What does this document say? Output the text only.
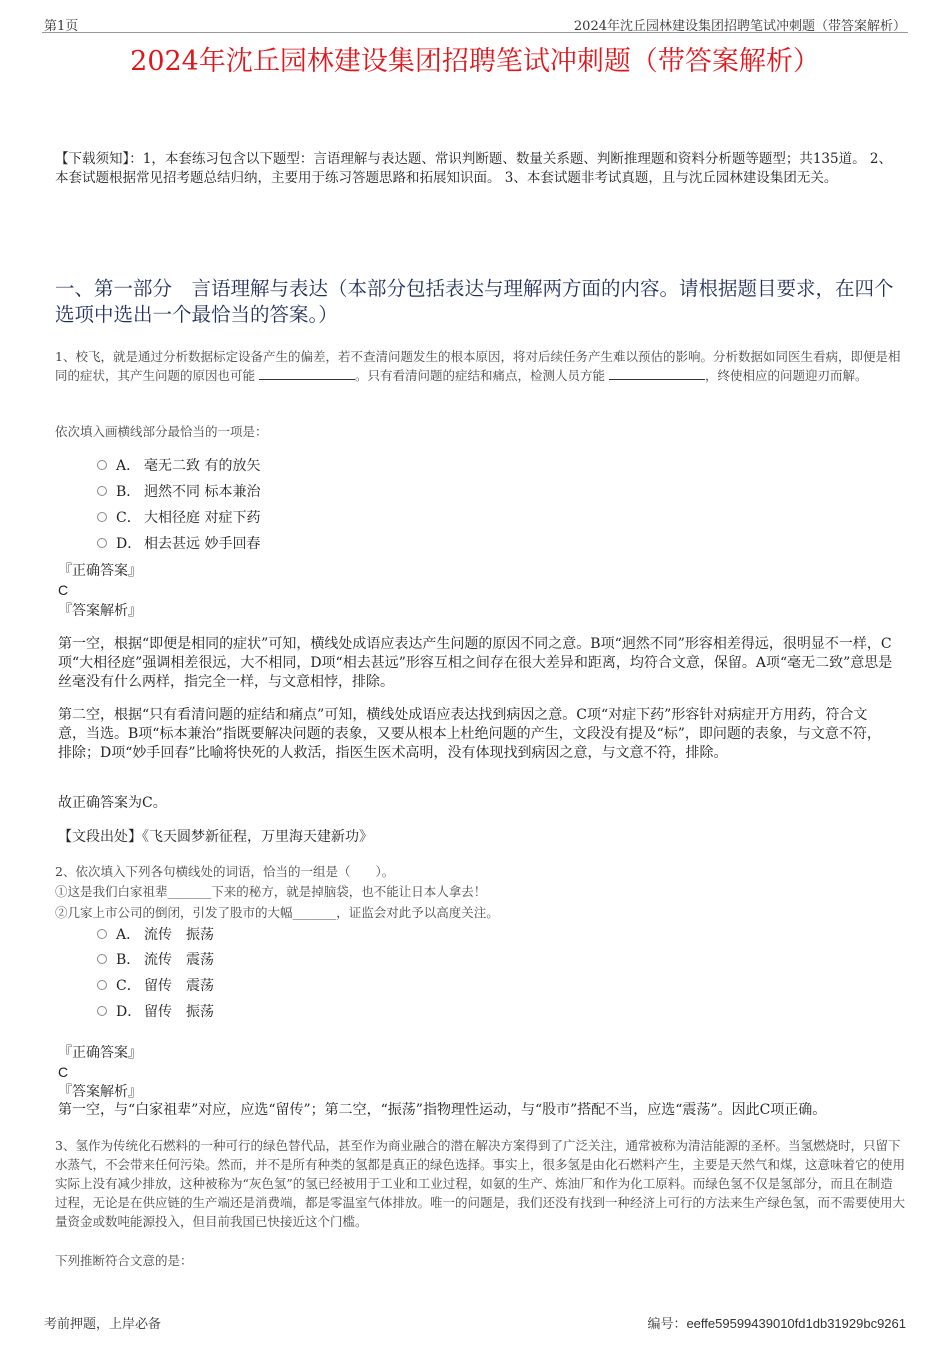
第1页	2024年沈丘园林建设集团招聘笔试冲刺题（带答案解析）
2024年沈丘园林建设集团招聘笔试冲刺题（带答案解析）
【下载须知】：1，本套练习包含以下题型：言语理解与表达题、常识判断题、数量关系题、判断推理题和资料分析题等题型；共135道。 2、本套试题根据常见招考题总结归纳，主要用于练习答题思路和拓展知识面。 3、本套试题非考试真题，且与沈丘园林建设集团无关。
一、第一部分　言语理解与表达（本部分包括表达与理解两方面的内容。请根据题目要求，在四个选项中选出一个最恰当的答案。）
1、校飞，就是通过分析数据标定设备产生的偏差，若不查清问题发生的根本原因，将对后续任务产生难以预估的影响。分析数据如同医生看病，即便是相同的症状，其产生问题的原因也可能	。只有看清问题的症结和痛点，检测人员方能	，终使相应的问题迎刃而解。
依次填入画横线部分最恰当的一项是：
A． 毫无二致 有的放矢
B． 迥然不同 标本兼治
C． 大相径庭 对症下药
D． 相去甚远 妙手回春
『正确答案』
C
『答案解析』
第一空，根据“即便是相同的症状”可知，横线处成语应表达产生问题的原因不同之意。B项“迥然不同”形容相差得远，很明显不一样，C项“大相径庭”强调相差很远，大不相同，D项“相去甚远”形容互相之间存在很大差异和距离，均符合文意，保留。A项“毫无二致”意思是丝毫没有什么两样，指完全一样，与文意相悖，排除。
第二空，根据“只有看清问题的症结和痛点”可知，横线处成语应表达找到病因之意。C项“对症下药”形容针对病症开方用药，符合文意，当选。B项“标本兼治”指既要解决问题的表象，又要从根本上杜绝问题的产生，文段没有提及“标”，即问题的表象，与文意不符，排除；D项“妙手回春”比喻将快死的人救活，指医生医术高明，没有体现找到病因之意，与文意不符，排除。
故正确答案为C。
【文段出处】《飞天圆梦新征程，万里海天建新功》
2、依次填入下列各句横线处的词语，恰当的一组是（　　）。
①这是我们白家祖辈_______下来的秘方，就是掉脑袋，也不能让日本人拿去！
②几家上市公司的倒闭，引发了股市的大幅_______，证监会对此予以高度关注。
A． 流传　振荡
B． 流传　震荡
C． 留传　震荡
D． 留传　振荡
『正确答案』
C
『答案解析』
第一空，与“白家祖辈”对应，应选“留传”；第二空，“振荡”指物理性运动，与“股市”搭配不当，应选“震荡”。因此C项正确。
3、氢作为传统化石燃料的一种可行的绿色替代品，甚至作为商业融合的潜在解决方案得到了广泛关注，通常被称为清洁能源的圣杯。当氢燃烧时，只留下水蒸气，不会带来任何污染。然而，并不是所有种类的氢都是真正的绿色选择。事实上，很多氢是由化石燃料产生，主要是天然气和煤，这意味着它的使用实际上没有减少排放，这种被称为“灰色氢”的氢已经被用于工业和工业过程，如氨的生产、炼油厂和作为化工原料。而绿色氢不仅是氢部分，而且在制造过程，无论是在供应链的生产端还是消费端，都是零温室气体排放。唯一的问题是，我们还没有找到一种经济上可行的方法来生产绿色氢，而不需要使用大量资金或数吨能源投入，但目前我国已快接近这个门槛。
下列推断符合文意的是：
考前押题，上岸必备	编号：eeffe59599439010fd1db31929bc9261
